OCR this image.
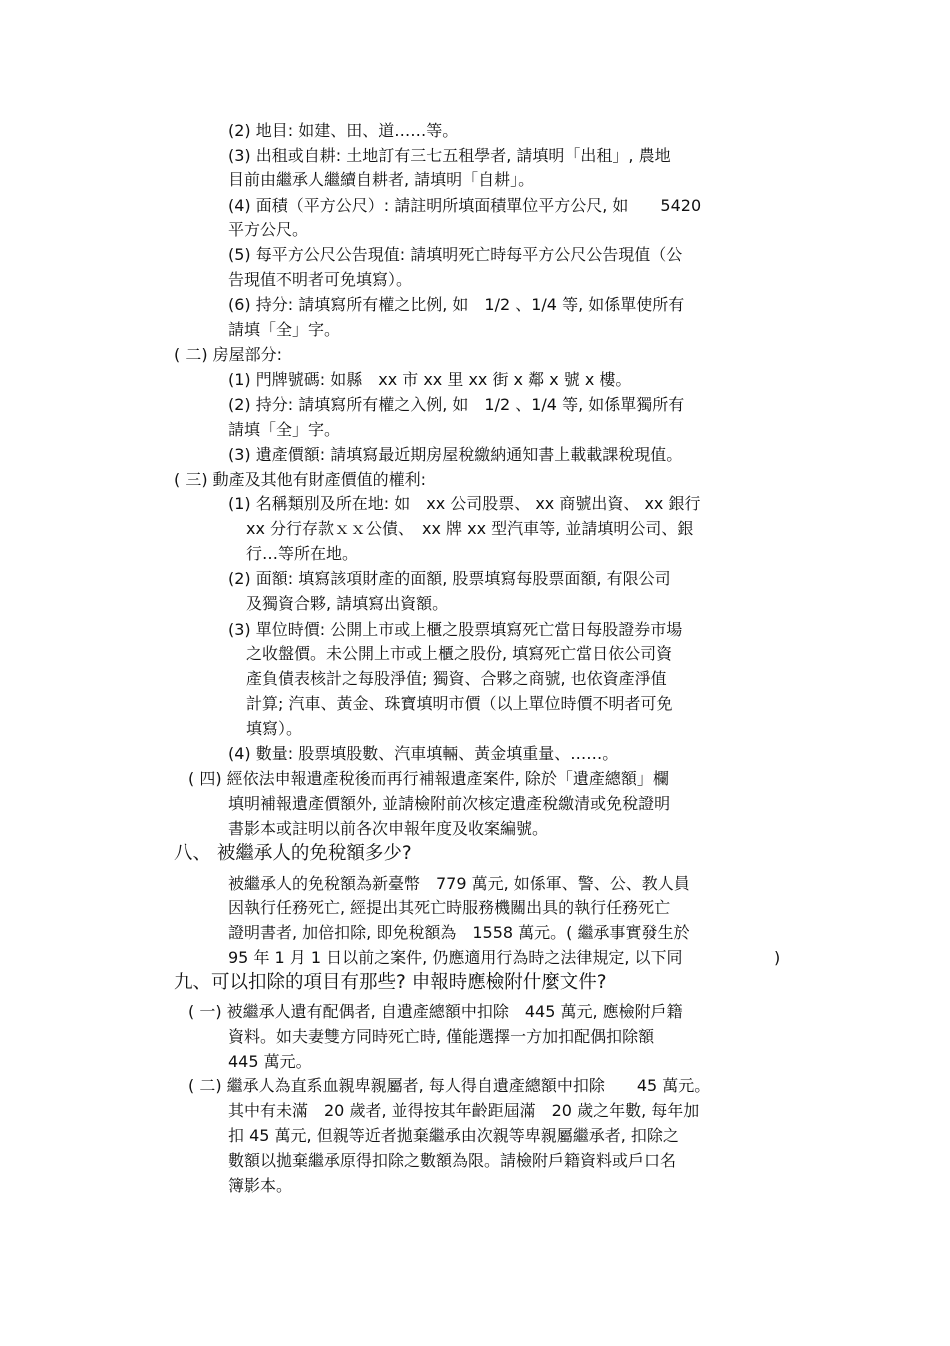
(2) 地目: 如建、田、道……等。

(3) 出租或自耕: 土地訂有三七五租學者, 請填明「出租」, 農地

目前由繼承人繼續自耕者, 請填明「自耕」。

(4) 面積（平方公尺）: 請註明所填面積單位平方公尺, 如　　5420

平方公尺。

(5) 每平方公尺公告現值: 請填明死亡時每平方公尺公告現值（公

告現值不明者可免填寫）。

(6) 持分: 請填寫所有權之比例, 如　1/2 、1/4 等, 如係單使所有

請填「全」字。

( 二) 房屋部分:

(1) 門牌號碼: 如縣　xx 市 xx 里 xx 街 x 鄰 x 號 x 樓。

(2) 持分: 請填寫所有權之入例, 如　1/2 、1/4 等, 如係單獨所有

請填「全」字。

(3) 遺產價額: 請填寫最近期房屋稅繳納通知書上載載課稅現值。

( 三) 動產及其他有財產價值的權利:

(1) 名稱類別及所在地: 如　xx 公司股票、 xx 商號出資、 xx 銀行

xx 分行存款ｘｘ公債、　xx 牌 xx 型汽車等, 並請填明公司、銀

行…等所在地。

(2) 面額: 填寫該項財產的面額, 股票填寫每股票面額, 有限公司

及獨資合夥, 請填寫出資額。

(3) 單位時價: 公開上市或上櫃之股票填寫死亡當日每股證券市場

之收盤價。未公開上市或上櫃之股份, 填寫死亡當日依公司資

產負債表核計之每股淨值; 獨資、合夥之商號, 也依資產淨值

計算; 汽車、黃金、珠寶填明市價（以上單位時價不明者可免

填寫）。

(4) 數量: 股票填股數、汽車填輛、黃金填重量、……。

( 四) 經依法申報遺產稅後而再行補報遺產案件, 除於「遺產總額」欄

填明補報遺產價額外, 並請檢附前次核定遺產稅繳清或免稅證明

書影本或註明以前各次申報年度及收案編號。

八、 被繼承人的免稅額多少?

被繼承人的免稅額為新臺幣　779 萬元, 如係軍、警、公、教人員

因執行任務死亡, 經提出其死亡時服務機關出具的執行任務死亡

證明書者, 加倍扣除, 即免稅額為　1558 萬元。( 繼承事實發生於

95 年 1 月 1 日以前之案件, 仍應適用行為時之法律規定, 以下同	)

九、可以扣除的項目有那些? 申報時應檢附什麼文件?

( 一) 被繼承人遺有配偶者, 自遺產總額中扣除　445 萬元, 應檢附戶籍

資料。如夫妻雙方同時死亡時, 僅能選擇一方加扣配偶扣除額

445 萬元。

( 二) 繼承人為直系血親卑親屬者, 每人得自遺產總額中扣除　　45 萬元。

其中有未滿　20 歲者, 並得按其年齡距屆滿　20 歲之年數, 每年加

扣 45 萬元, 但親等近者拋棄繼承由次親等卑親屬繼承者, 扣除之

數額以拋棄繼承原得扣除之數額為限。請檢附戶籍資料或戶口名

簿影本。
